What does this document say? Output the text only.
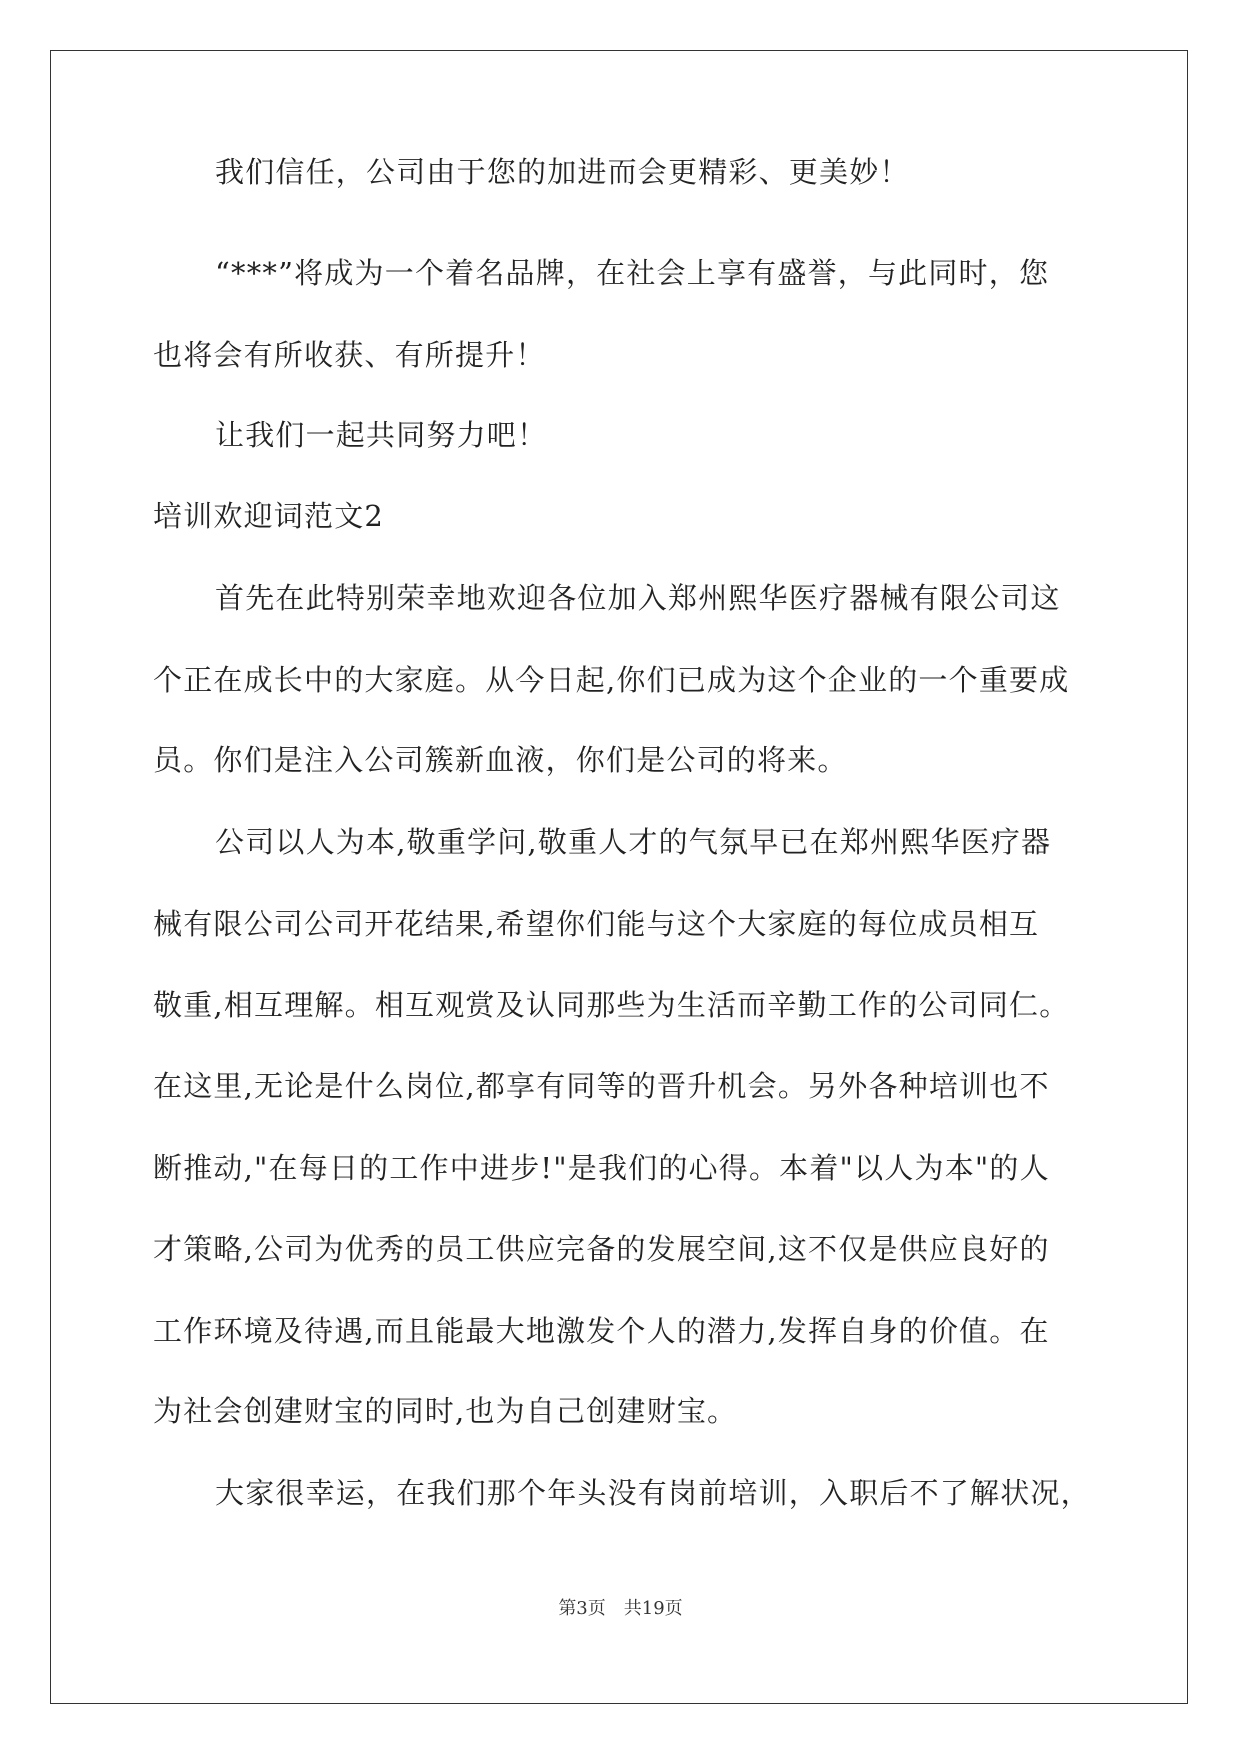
我们信任，公司由于您的加进而会更精彩、更美妙！
“***”将成为一个着名品牌，在社会上享有盛誉，与此同时，您
也将会有所收获、有所提升！
让我们一起共同努力吧！
培训欢迎词范文2
首先在此特别荣幸地欢迎各位加入郑州熙华医疗器械有限公司这
个正在成长中的大家庭。从今日起,你们已成为这个企业的一个重要成
员。你们是注入公司簇新血液，你们是公司的将来。
公司以人为本,敬重学问,敬重人才的气氛早已在郑州熙华医疗器
械有限公司公司开花结果,希望你们能与这个大家庭的每位成员相互
敬重,相互理解。相互观赏及认同那些为生活而辛勤工作的公司同仁。
在这里,无论是什么岗位,都享有同等的晋升机会。另外各种培训也不
断推动,"在每日的工作中进步!"是我们的心得。本着"以人为本"的人
才策略,公司为优秀的员工供应完备的发展空间,这不仅是供应良好的
工作环境及待遇,而且能最大地激发个人的潜力,发挥自身的价值。在
为社会创建财宝的同时,也为自己创建财宝。
大家很幸运，在我们那个年头没有岗前培训，入职后不了解状况，
第3页　共19页
